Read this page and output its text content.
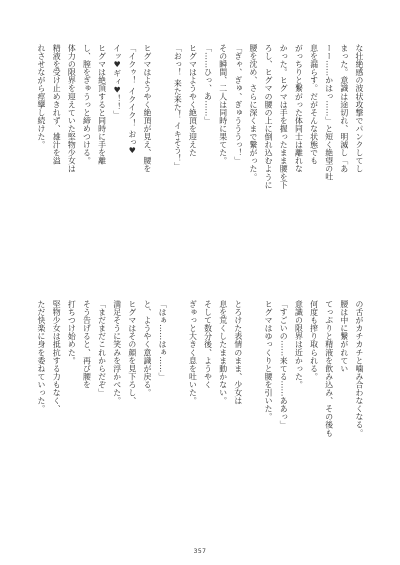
な壮絶感の波状攻撃でパンクしてし
まった。意識は途切れ、明滅し「あ
ーー……かはっ……」と短く絶望の吐
息を漏らす。だがそんな状態でも
がっちりと繋がった体同士は離れな
かった。ヒグマは手を握ったまま腰を下
ろし、ヒグマの腰の上に倒れ込むように
腰を沈め、さらに深くまで繋がった。
「ぎゃ、ぎゅ、ぎゅうううっ！」
その瞬間、二人は同時に果てた。
「……ひっ、あ……」
ヒグマはようやく絶頂を迎えた
「おっ！ 来た来た！ イキそう！」
ヒグマはようやく絶頂が見え、腰を
「イクゥ！ イクイク！ おっ♥
イッ♥ギィ♥！！」
ヒグマは絶頂すると同時に手を離
し、膣をぎゅうっと締めつける。
体力の限界を迎えていた堅物少女は
精液を受け止めきれず、雄汁を溢
れさせながら痙攣し続けた。
の舌がカチカチと噛み合わなくなる。
腰は中に繋がれてい
てっぷりと精液を飲み込み、その後も
何度も搾り取られる。
意識の限界は近かった。
「すごいの……来てる……ああっ」
ヒグマはゆっくりと腰を引いた。
とろけた表情のまま、少女は
息を荒くしたまま動かない。
そして数分後、ようやく
ぎゅっと大きく息を吐いた。
「はぁ……はぁ……」
と、ようやく意識が戻る。
ヒグマはその顔を見下ろし、
満足そうに笑みを浮かべた。
「まだまだこれからだぞ」
そう告げると、再び腰を
打ちつけ始めた。
堅物少女は抵抗する力もなく、
ただ快楽に身を委ねていった。
357
